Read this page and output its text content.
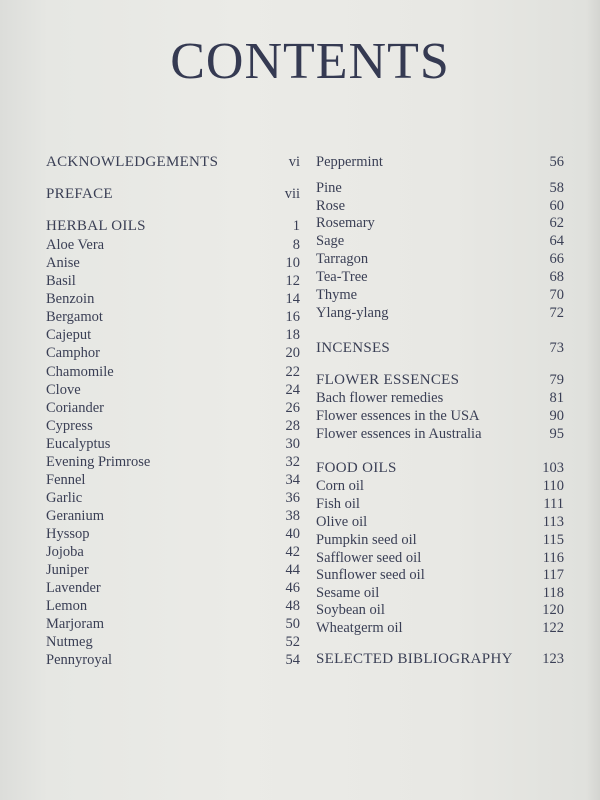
CONTENTS
ACKNOWLEDGEMENTS	vi
PREFACE	vii
HERBAL OILS	1
Aloe Vera	8
Anise	10
Basil	12
Benzoin	14
Bergamot	16
Cajeput	18
Camphor	20
Chamomile	22
Clove	24
Coriander	26
Cypress	28
Eucalyptus	30
Evening Primrose	32
Fennel	34
Garlic	36
Geranium	38
Hyssop	40
Jojoba	42
Juniper	44
Lavender	46
Lemon	48
Marjoram	50
Nutmeg	52
Pennyroyal	54
Peppermint	56
Pine	58
Rose	60
Rosemary	62
Sage	64
Tarragon	66
Tea-Tree	68
Thyme	70
Ylang-ylang	72
INCENSES	73
FLOWER ESSENCES	79
Bach flower remedies	81
Flower essences in the USA	90
Flower essences in Australia	95
FOOD OILS	103
Corn oil	110
Fish oil	111
Olive oil	113
Pumpkin seed oil	115
Safflower seed oil	116
Sunflower seed oil	117
Sesame oil	118
Soybean oil	120
Wheatgerm oil	122
SELECTED BIBLIOGRAPHY 123
